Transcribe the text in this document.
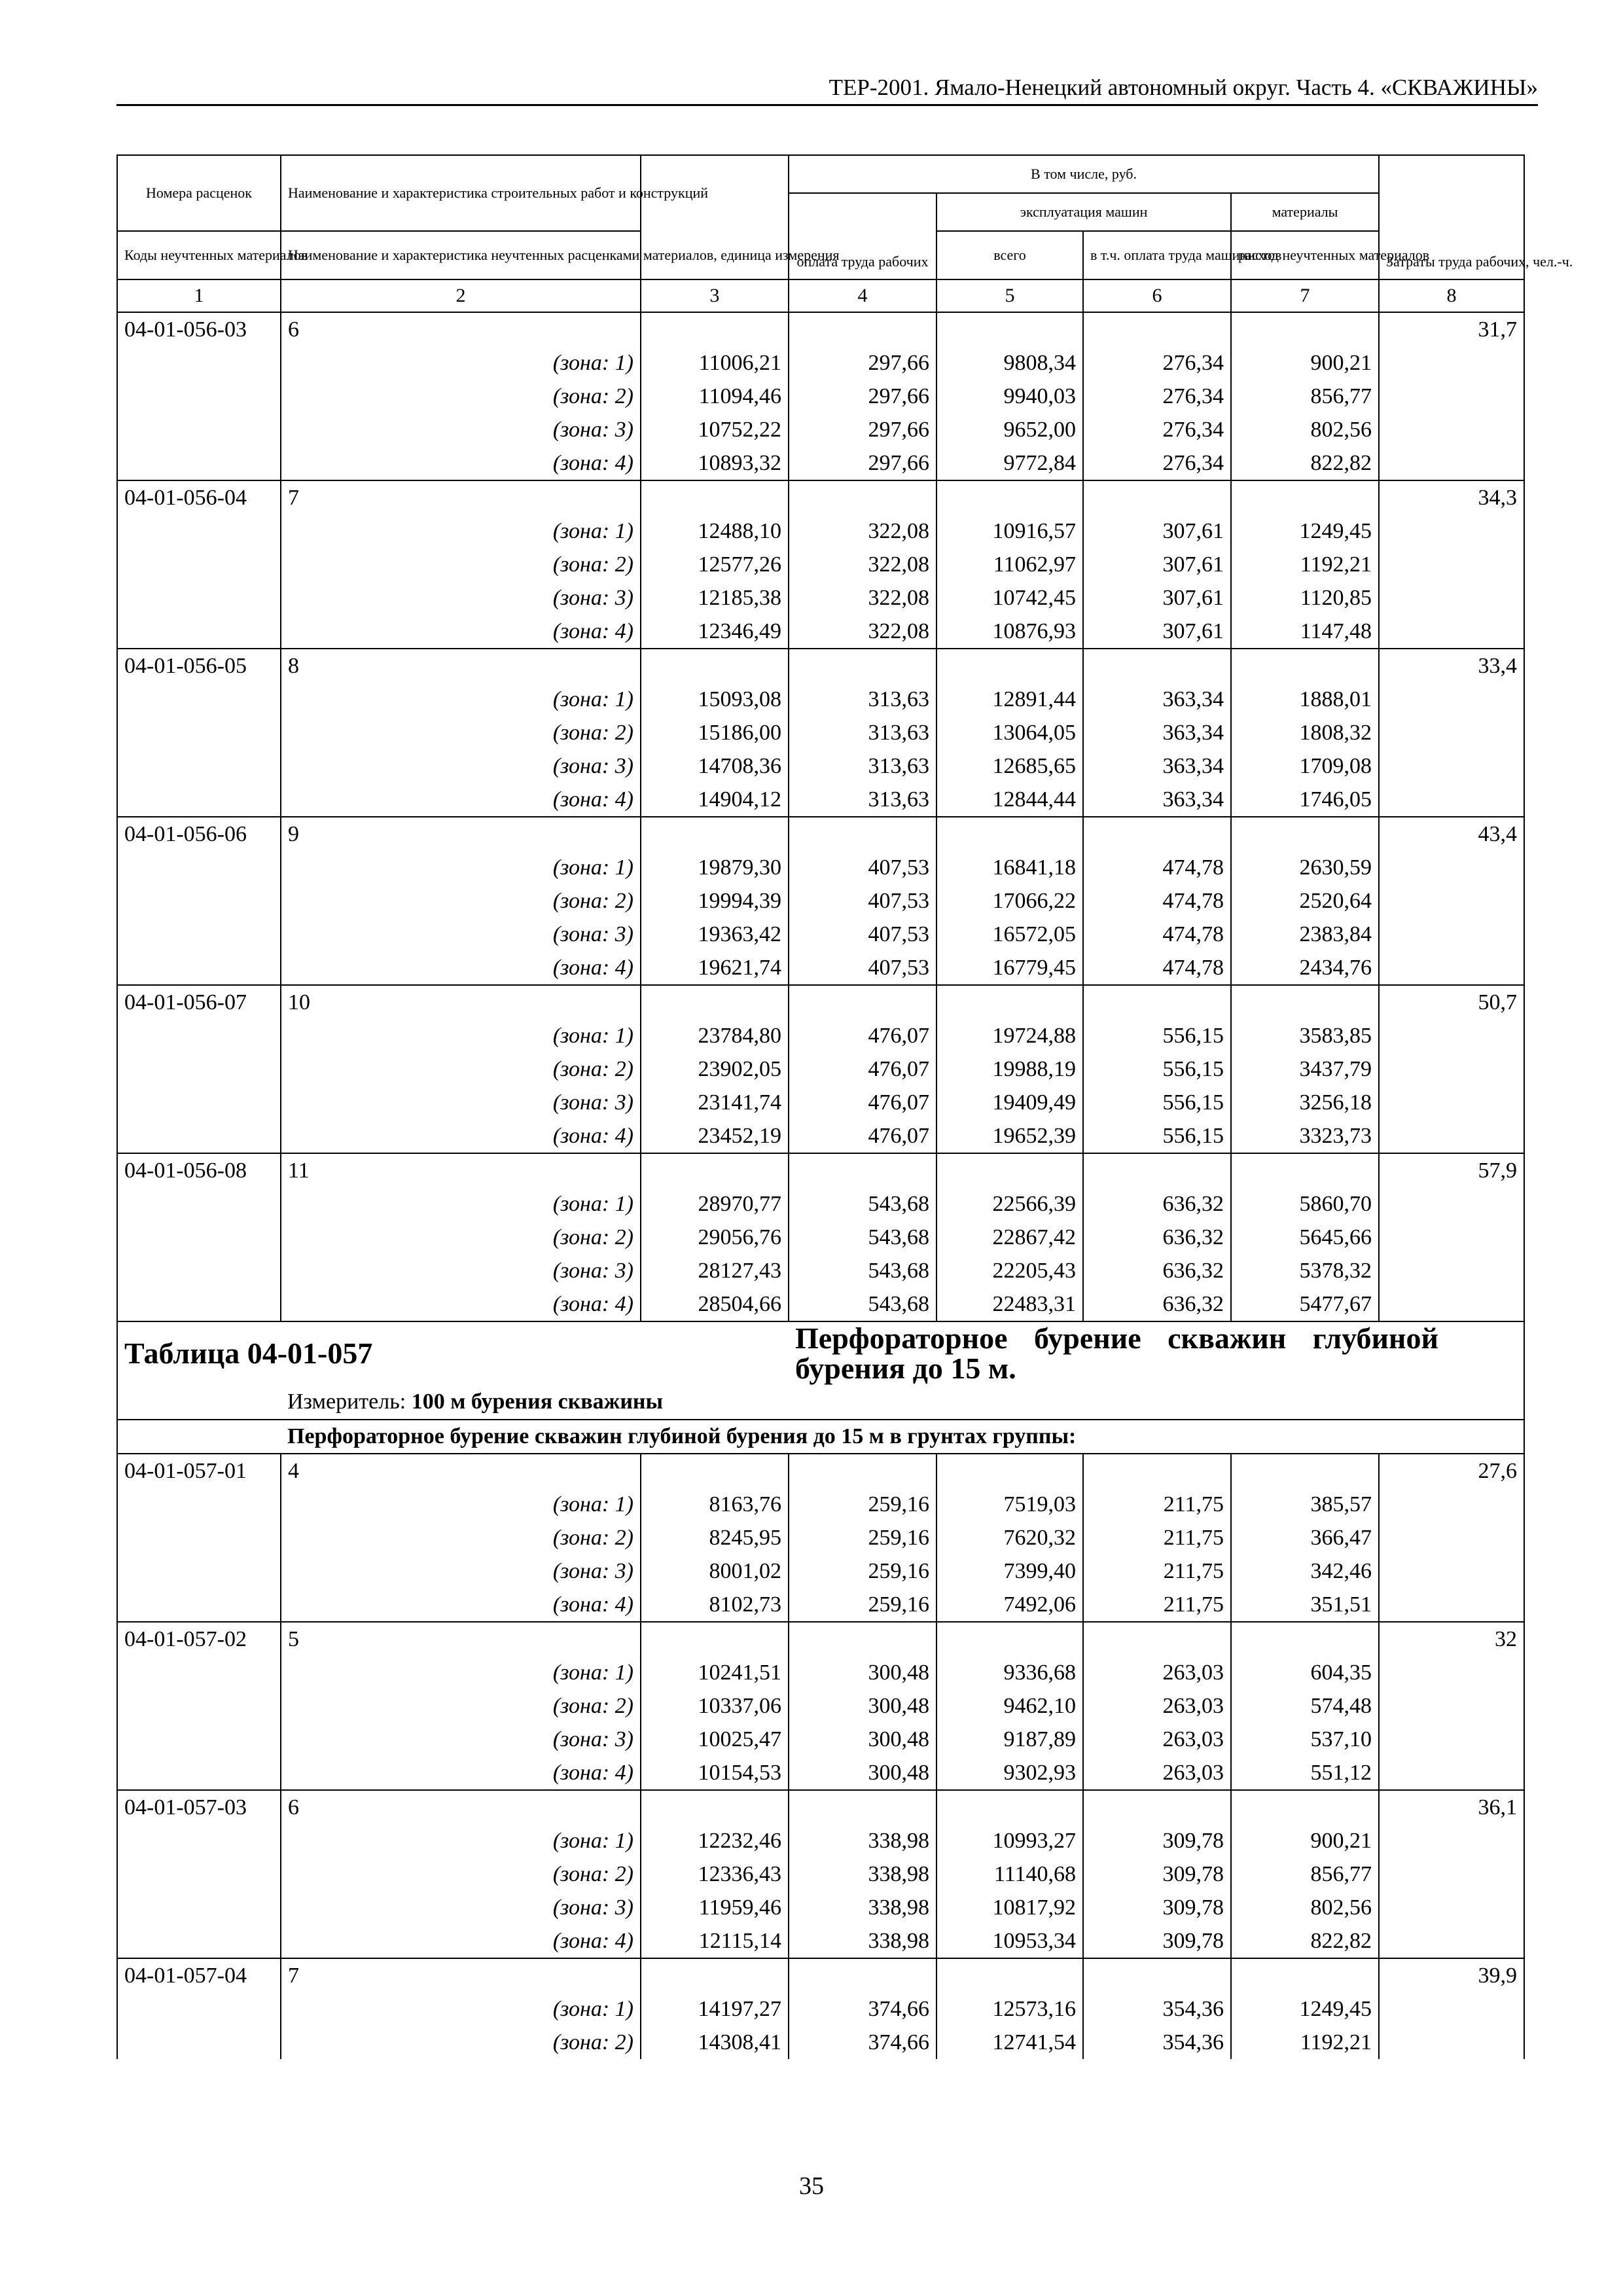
ТЕР-2001. Ямало-Ненецкий автономный округ. Часть 4. «СКВАЖИНЫ»
Номера расценок	Наименование и характеристика строительных работ и конструкций		В том числе, руб.				Затраты труда рабочих, чел.-ч.
			оплата труда рабочих	эксплуатация машин		материалы	
				всего	в т.ч. оплата труда машинистов	расход неучтенных материалов	
Коды неучтенных материалов	Наименование и характеристика неучтенных расценками материалов, единица измерения						

1	2	3	4	5	6	7	8
04-01-056-03	6						31,7
	(зона: 1)	11006,21	297,66	9808,34	276,34	900,21	
	(зона: 2)	11094,46	297,66	9940,03	276,34	856,77	
	(зона: 3)	10752,22	297,66	9652,00	276,34	802,56	
	(зона: 4)	10893,32	297,66	9772,84	276,34	822,82	
04-01-056-04	7						34,3
	(зона: 1)	12488,10	322,08	10916,57	307,61	1249,45	
	(зона: 2)	12577,26	322,08	11062,97	307,61	1192,21	
	(зона: 3)	12185,38	322,08	10742,45	307,61	1120,85	
	(зона: 4)	12346,49	322,08	10876,93	307,61	1147,48	
04-01-056-05	8						33,4
	(зона: 1)	15093,08	313,63	12891,44	363,34	1888,01	
	(зона: 2)	15186,00	313,63	13064,05	363,34	1808,32	
	(зона: 3)	14708,36	313,63	12685,65	363,34	1709,08	
	(зона: 4)	14904,12	313,63	12844,44	363,34	1746,05	
04-01-056-06	9						43,4
	(зона: 1)	19879,30	407,53	16841,18	474,78	2630,59	
	(зона: 2)	19994,39	407,53	17066,22	474,78	2520,64	
	(зона: 3)	19363,42	407,53	16572,05	474,78	2383,84	
	(зона: 4)	19621,74	407,53	16779,45	474,78	2434,76	
04-01-056-07	10						50,7
	(зона: 1)	23784,80	476,07	19724,88	556,15	3583,85	
	(зона: 2)	23902,05	476,07	19988,19	556,15	3437,79	
	(зона: 3)	23141,74	476,07	19409,49	556,15	3256,18	
	(зона: 4)	23452,19	476,07	19652,39	556,15	3323,73	
04-01-056-08	11						57,9
	(зона: 1)	28970,77	543,68	22566,39	636,32	5860,70	
	(зона: 2)	29056,76	543,68	22867,42	636,32	5645,66	
	(зона: 3)	28127,43	543,68	22205,43	636,32	5378,32	
	(зона: 4)	28504,66	543,68	22483,31	636,32	5477,67	
Таблица 04-01-057			Перфораторное бурение скважин глубиной бурения до 15 м.				
	Измеритель: 100 м бурения скважины						
	Перфораторное бурение скважин глубиной бурения до 15 м в грунтах группы:						
04-01-057-01	4						27,6
	(зона: 1)	8163,76	259,16	7519,03	211,75	385,57	
	(зона: 2)	8245,95	259,16	7620,32	211,75	366,47	
	(зона: 3)	8001,02	259,16	7399,40	211,75	342,46	
	(зона: 4)	8102,73	259,16	7492,06	211,75	351,51	
04-01-057-02	5						32
	(зона: 1)	10241,51	300,48	9336,68	263,03	604,35	
	(зона: 2)	10337,06	300,48	9462,10	263,03	574,48	
	(зона: 3)	10025,47	300,48	9187,89	263,03	537,10	
	(зона: 4)	10154,53	300,48	9302,93	263,03	551,12	
04-01-057-03	6						36,1
	(зона: 1)	12232,46	338,98	10993,27	309,78	900,21	
	(зона: 2)	12336,43	338,98	11140,68	309,78	856,77	
	(зона: 3)	11959,46	338,98	10817,92	309,78	802,56	
	(зона: 4)	12115,14	338,98	10953,34	309,78	822,82	
04-01-057-04	7						39,9
	(зона: 1)	14197,27	374,66	12573,16	354,36	1249,45	
	(зона: 2)	14308,41	374,66	12741,54	354,36	1192,21	
35
